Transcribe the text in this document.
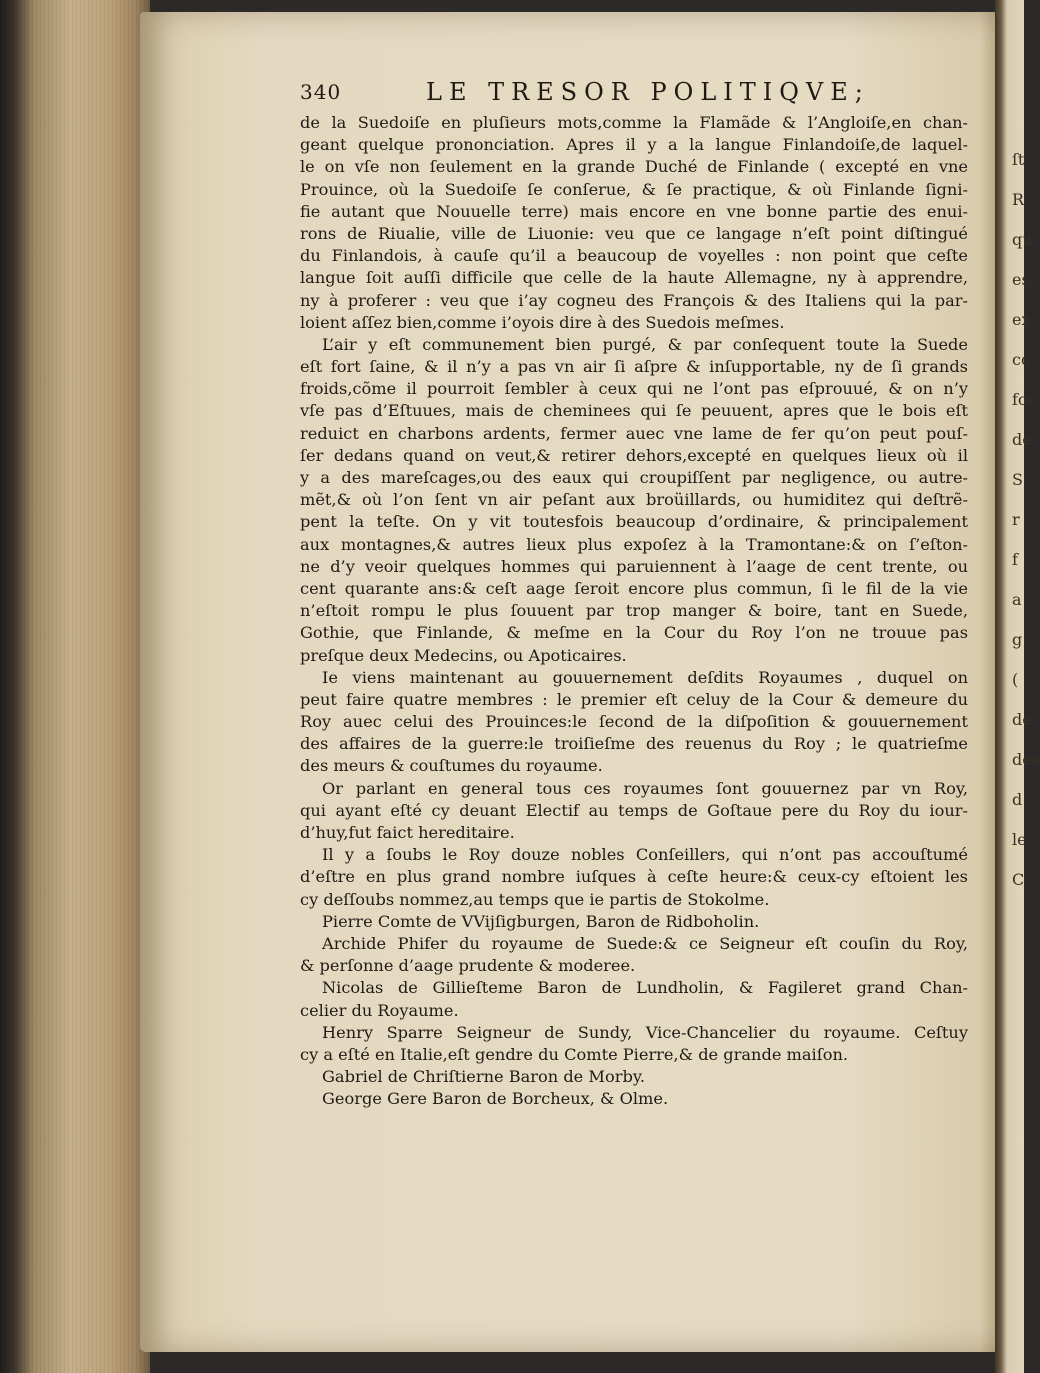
ſt
R
qu
es,
ex
co
for
de
S
r
f
a
g
(
de
des
d
le
C
340	LE TRESOR POLITIQVE;
de la Suedoiſe en pluſieurs mots,comme la Flamãde & l’Angloiſe,en chan-
geant quelque prononciation. Apres il y a la langue Finlandoiſe,de laquel-
le on vſe non ſeulement en la grande Duché de Finlande ( excepté en vne
Prouince, où la Suedoiſe ſe conſerue, & ſe practique, & où Finlande ſigni-
fie autant que Nouuelle terre) mais encore en vne bonne partie des enui-
rons de Riualie, ville de Liuonie: veu que ce langage n’eſt point diſtingué
du Finlandois, à cauſe qu’il a beaucoup de voyelles : non point que ceſte
langue ſoit auſſi difficile que celle de la haute Allemagne, ny à apprendre,
ny à proferer : veu que i’ay cogneu des François & des Italiens qui la par-
loient aſſez bien,comme i’oyois dire à des Suedois meſmes.
L’air y eſt communement bien purgé, & par conſequent toute la Suede
eſt fort ſaine, & il n’y a pas vn air ſi aſpre & inſupportable, ny de ſi grands
froids,cõme il pourroit ſembler à ceux qui ne l’ont pas eſprouué, & on n’y
vſe pas d’Eſtuues, mais de cheminees qui ſe peuuent, apres que le bois eſt
reduict en charbons ardents, fermer auec vne lame de fer qu’on peut pouſ-
ſer dedans quand on veut,& retirer dehors,excepté en quelques lieux où il
y a des mareſcages,ou des eaux qui croupiſſent par negligence, ou autre-
mẽt,& où l’on ſent vn air peſant aux broüillards, ou humiditez qui deſtrẽ-
pent la teſte. On y vit toutesfois beaucoup d’ordinaire, & principalement
aux montagnes,& autres lieux plus expoſez à la Tramontane:& on ſ’eſton-
ne d’y veoir quelques hommes qui paruiennent à l’aage de cent trente, ou
cent quarante ans:& ceſt aage ſeroit encore plus commun, ſi le fil de la vie
n’eſtoit rompu le plus ſouuent par trop manger & boire, tant en Suede,
Gothie, que Finlande, & meſme en la Cour du Roy l’on ne trouue pas
preſque deux Medecins, ou Apoticaires.
Ie viens maintenant au gouuernement deſdits Royaumes , duquel on
peut faire quatre membres : le premier eſt celuy de la Cour & demeure du
Roy auec celui des Prouinces:le ſecond de la diſpoſition & gouuernement
des affaires de la guerre:le troiſieſme des reuenus du Roy ; le quatrieſme
des meurs & couſtumes du royaume.
Or parlant en general tous ces royaumes ſont gouuernez par vn Roy,
qui ayant eſté cy deuant Electif au temps de Goſtaue pere du Roy du iour-
d’huy,fut faict hereditaire.
Il y a ſoubs le Roy douze nobles Conſeillers, qui n’ont pas accouſtumé
d’eſtre en plus grand nombre iuſques à ceſte heure:& ceux-cy eſtoient les
cy deſſoubs nommez,au temps que ie partis de Stokolme.
Pierre Comte de VVijſigburgen, Baron de Ridboholin.
Archide Phifer du royaume de Suede:& ce Seigneur eſt couſin du Roy,
& perſonne d’aage prudente & moderee.
Nicolas de Gillieſteme Baron de Lundholin, & Fagileret grand Chan-
celier du Royaume.
Henry Sparre Seigneur de Sundy, Vice-Chancelier du royaume. Ceſtuy
cy a eſté en Italie,eſt gendre du Comte Pierre,& de grande maiſon.
Gabriel de Chriſtierne Baron de Morby.
George Gere Baron de Borcheux, & Olme.
